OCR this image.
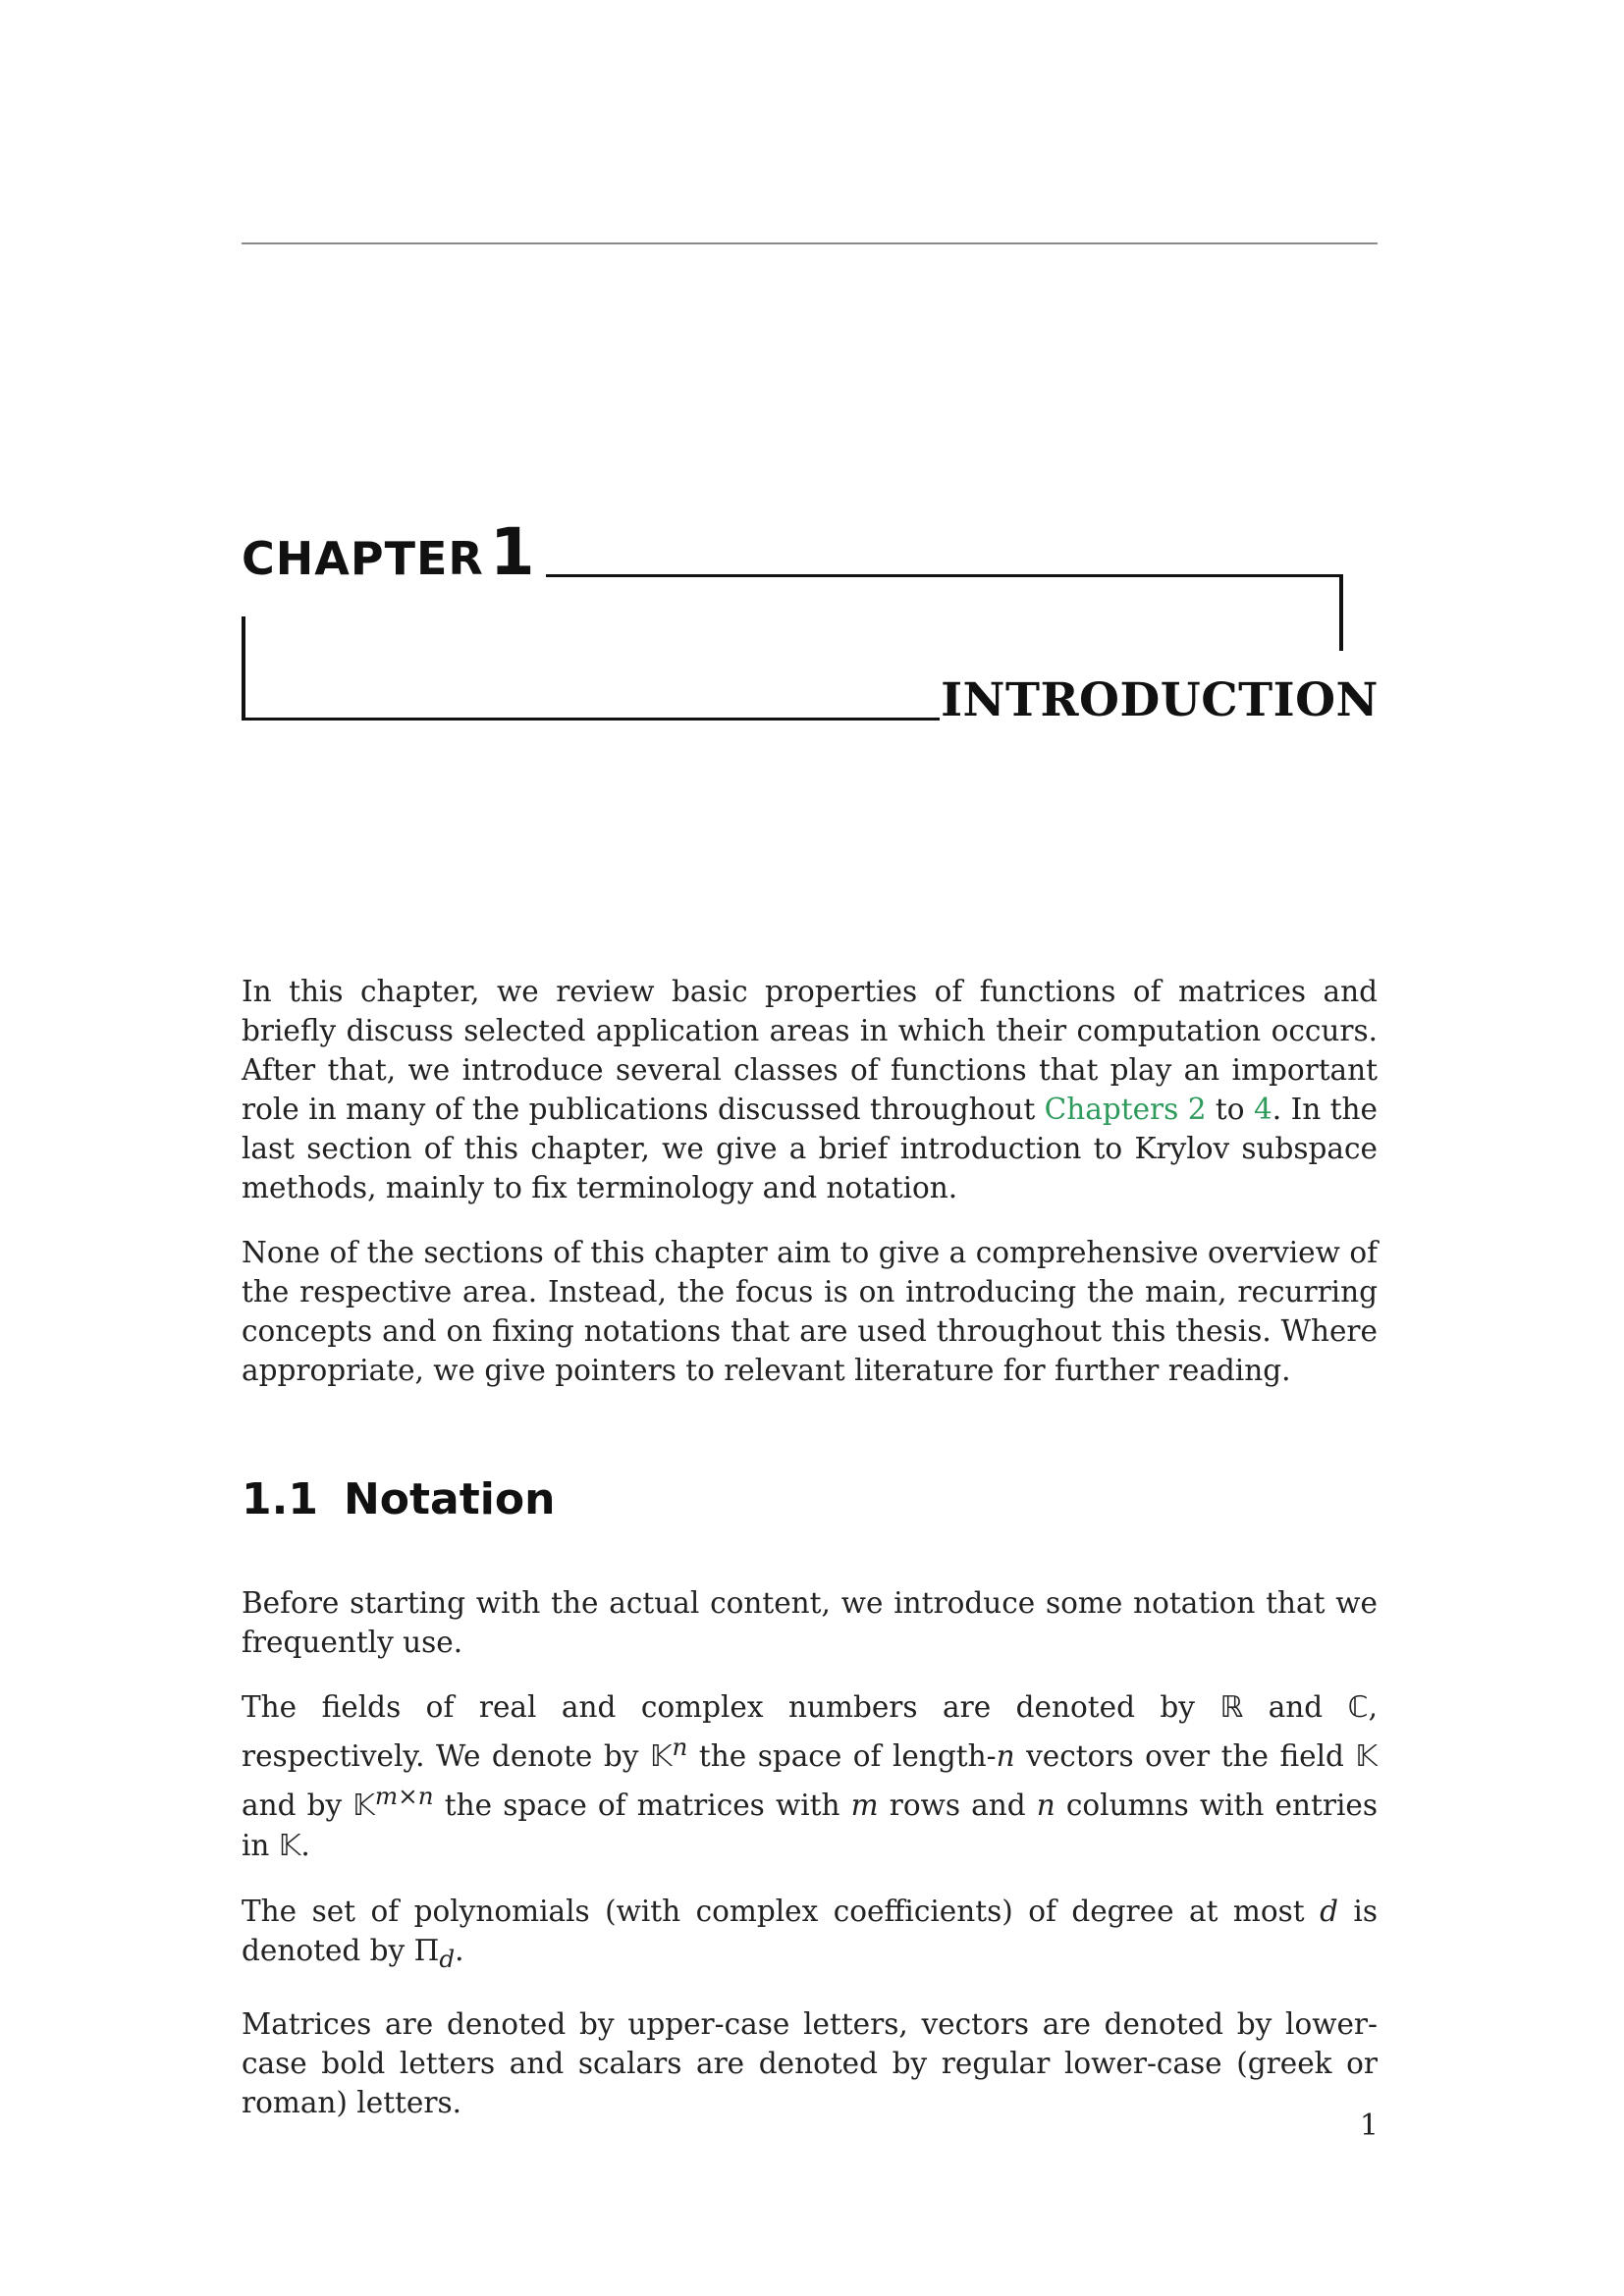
CHAPTER1
INTRODUCTION

In this chapter, we review basic properties of functions of matrices and briefly discuss selected application areas in which their computation occurs. After that, we introduce several classes of functions that play an important role in many of the publications discussed throughout Chapters 2 to 4. In the last section of this chapter, we give a brief introduction to Krylov subspace methods, mainly to fix terminology and notation.

None of the sections of this chapter aim to give a comprehensive overview of the respective area. Instead, the focus is on introducing the main, recurring concepts and on fixing notations that are used throughout this thesis. Where appropriate, we give pointers to relevant literature for further reading.

1.1 Notation

Before starting with the actual content, we introduce some notation that we frequently use.

The fields of real and complex numbers are denoted by ℝ and ℂ, respectively. We denote by 𝕂$^n$ the space of length-n vectors over the field 𝕂 and by 𝕂$^{m\times n}$ the space of matrices with m rows and n columns with entries in 𝕂.

The set of polynomials (with complex coefficients) of degree at most d is denoted by $\Pi_d$.

Matrices are denoted by upper-case letters, vectors are denoted by lower-case bold letters and scalars are denoted by regular lower-case (greek or roman) letters.

1
